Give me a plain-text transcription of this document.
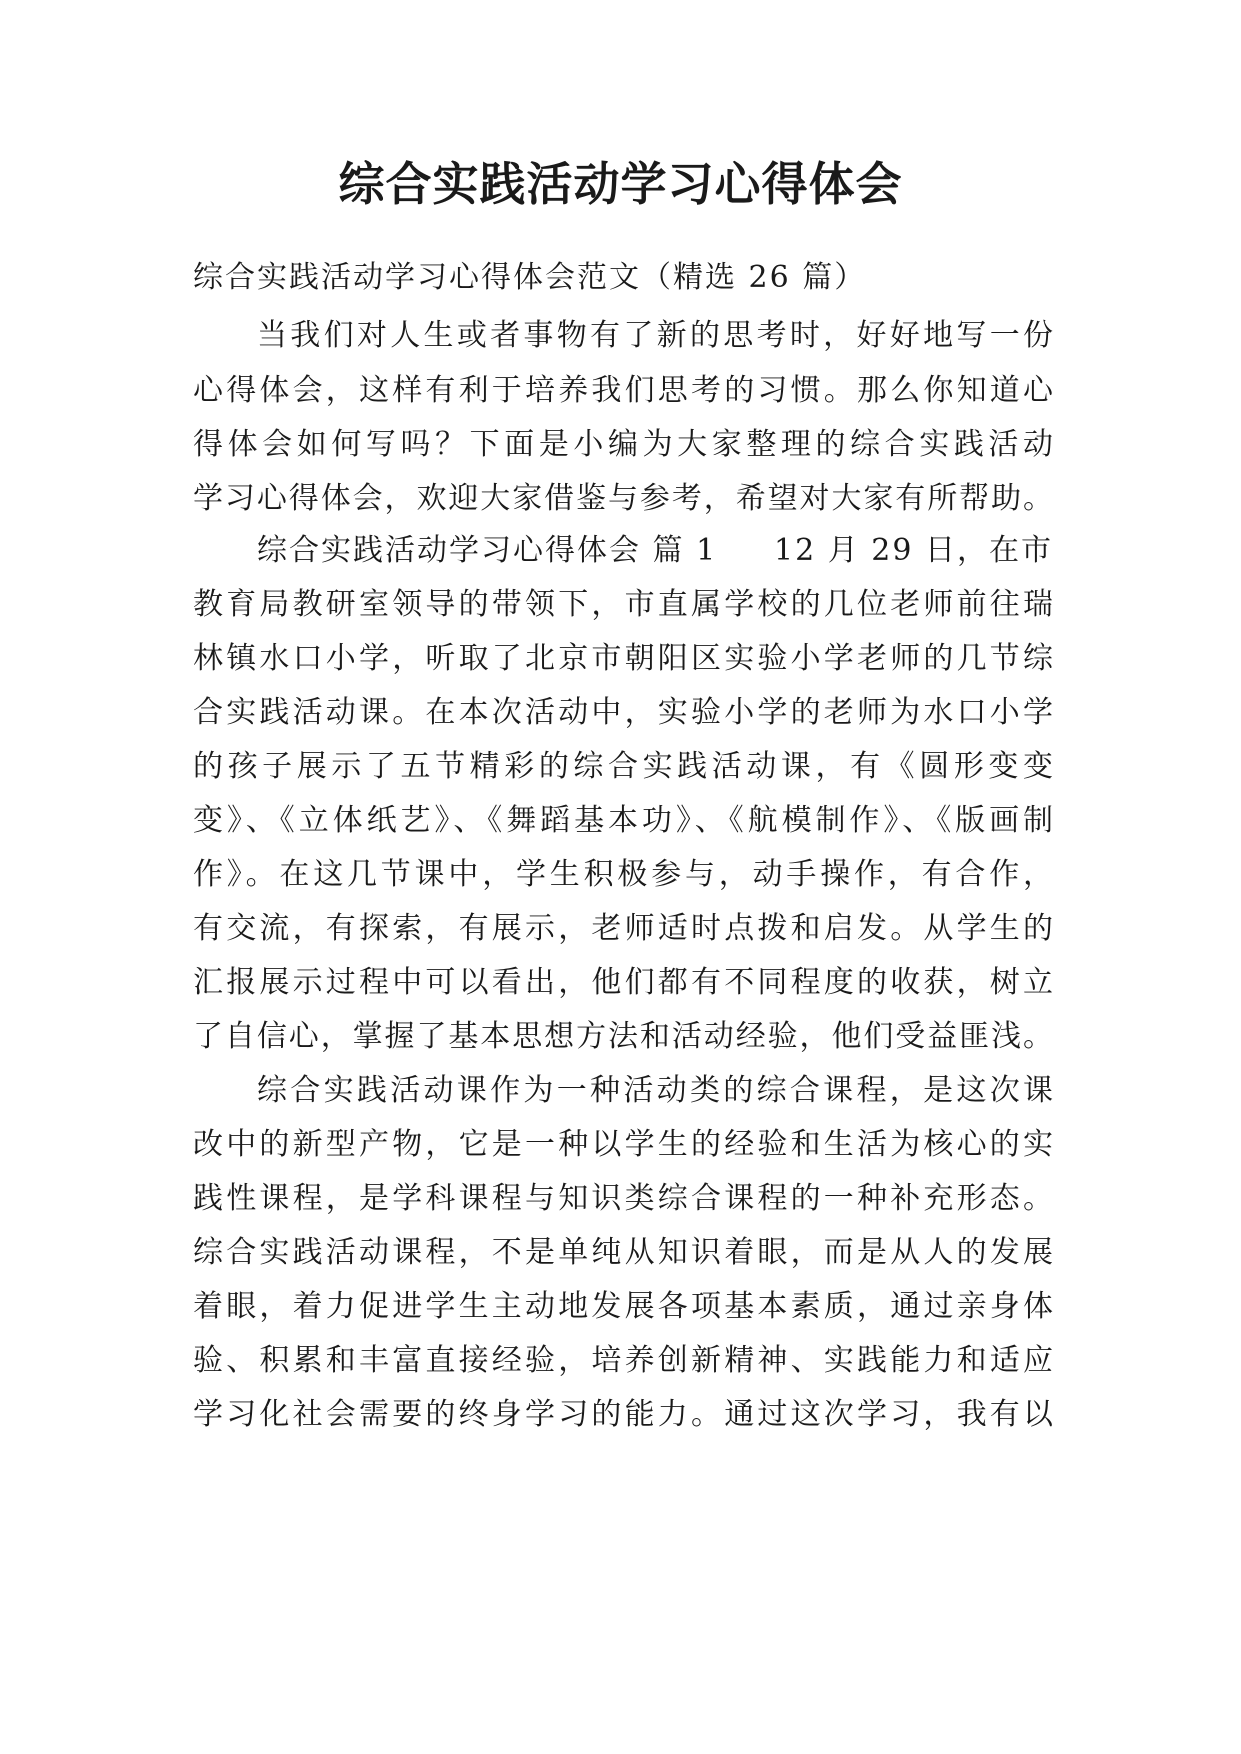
综合实践活动学习心得体会
综合实践活动学习心得体会范文（精选 26 篇）
当我们对人生或者事物有了新的思考时，好好地写一份
心得体会，这样有利于培养我们思考的习惯。那么你知道心
得体会如何写吗？下面是小编为大家整理的综合实践活动
学习心得体会，欢迎大家借鉴与参考，希望对大家有所帮助。
综合实践活动学习心得体会 篇 1 12 月 29 日，在市
教育局教研室领导的带领下，市直属学校的几位老师前往瑞
林镇水口小学，听取了北京市朝阳区实验小学老师的几节综
合实践活动课。在本次活动中，实验小学的老师为水口小学
的孩子展示了五节精彩的综合实践活动课，有《圆形变变
变》、《立体纸艺》、《舞蹈基本功》、《航模制作》、《版画制
作》。在这几节课中，学生积极参与，动手操作，有合作，
有交流，有探索，有展示，老师适时点拨和启发。从学生的
汇报展示过程中可以看出，他们都有不同程度的收获，树立
了自信心，掌握了基本思想方法和活动经验，他们受益匪浅。
综合实践活动课作为一种活动类的综合课程，是这次课
改中的新型产物，它是一种以学生的经验和生活为核心的实
践性课程，是学科课程与知识类综合课程的一种补充形态。
综合实践活动课程，不是单纯从知识着眼，而是从人的发展
着眼，着力促进学生主动地发展各项基本素质，通过亲身体
验、积累和丰富直接经验，培养创新精神、实践能力和适应
学习化社会需要的终身学习的能力。通过这次学习，我有以
